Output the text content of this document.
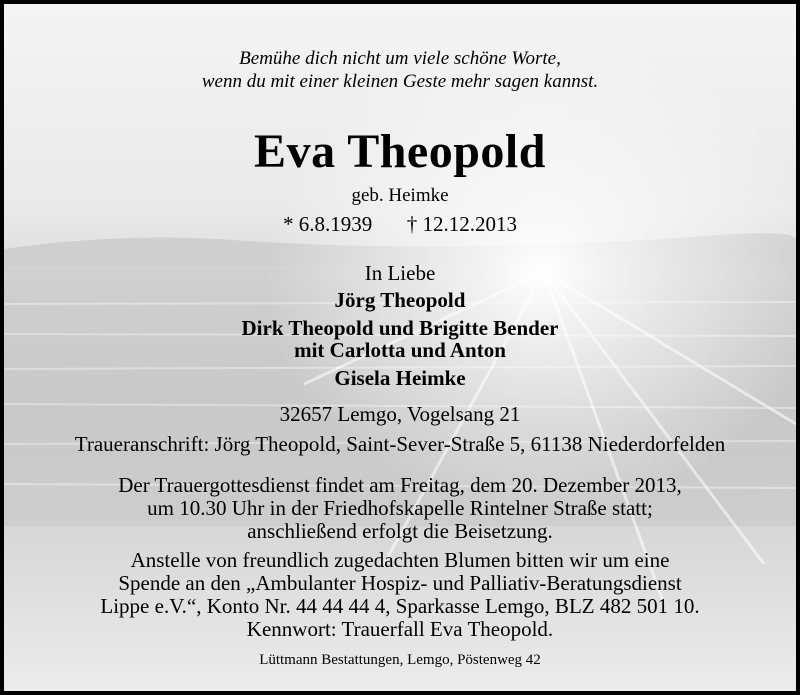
Bemühe dich nicht um viele schöne Worte,
wenn du mit einer kleinen Geste mehr sagen kannst.
Eva Theopold
geb. Heimke
* 6.8.1939 † 12.12.2013
In Liebe
Jörg Theopold
Dirk Theopold und Brigitte Bender
mit Carlotta und Anton
Gisela Heimke
32657 Lemgo, Vogelsang 21
Traueranschrift: Jörg Theopold, Saint-Sever-Straße 5, 61138 Niederdorfelden
Der Trauergottesdienst findet am Freitag, dem 20. Dezember 2013,
um 10.30 Uhr in der Friedhofskapelle Rintelner Straße statt;
anschließend erfolgt die Beisetzung.
Anstelle von freundlich zugedachten Blumen bitten wir um eine
Spende an den „Ambulanter Hospiz- und Palliativ-Beratungsdienst
Lippe e.V.“, Konto Nr. 44 44 44 4, Sparkasse Lemgo, BLZ 482 501 10.
Kennwort: Trauerfall Eva Theopold.
Lüttmann Bestattungen, Lemgo, Pöstenweg 42
